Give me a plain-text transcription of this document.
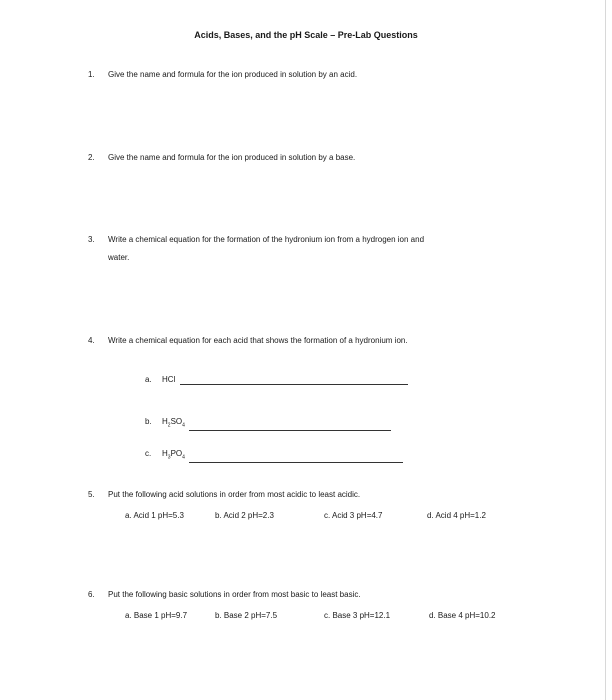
Acids, Bases, and the pH Scale – Pre-Lab Questions
1. Give the name and formula for the ion produced in solution by an acid.
2. Give the name and formula for the ion produced in solution by a base.
3. Write a chemical equation for the formation of the hydronium ion from a hydrogen ion and
water.
4. Write a chemical equation for each acid that shows the formation of a hydronium ion.
a. HCl
b. $H_2SO_4$
c. $H_3PO_4$
5. Put the following acid solutions in order from most acidic to least acidic.
a. Acid 1 pH=5.3	b. Acid 2 pH=2.3	c. Acid 3 pH=4.7	d. Acid 4 pH=1.2
6. Put the following basic solutions in order from most basic to least basic.
a. Base 1 pH=9.7	b. Base 2 pH=7.5	c. Base 3 pH=12.1	d. Base 4 pH=10.2
